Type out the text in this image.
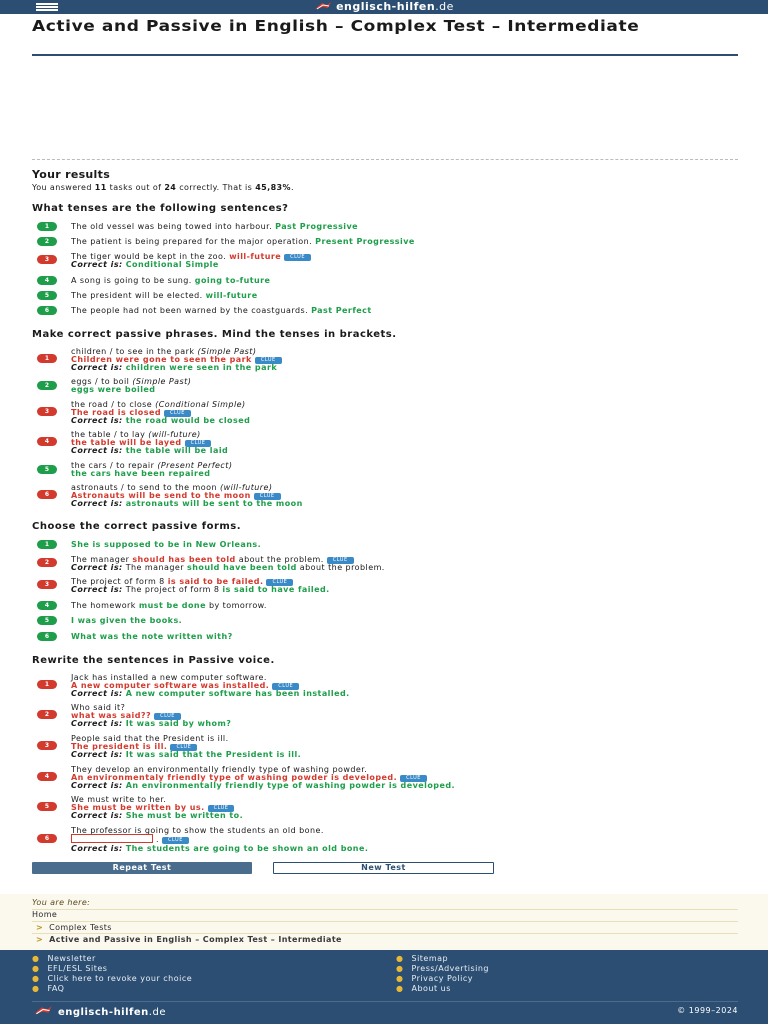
englisch-hilfen.de
Active and Passive in English – Complex Test – Intermediate
Your results
You answered 11 tasks out of 24 correctly. That is 45,83%.
What tenses are the following sentences?
1	The old vessel was being towed into harbour. Past Progressive
2	The patient is being prepared for the major operation. Present Progressive
3	The tiger would be kept in the zoo. will-future CLUE
Correct is: Conditional Simple
4	A song is going to be sung. going to-future
5	The president will be elected. will-future
6	The people had not been warned by the coastguards. Past Perfect
Make correct passive phrases. Mind the tenses in brackets.
1
children / to see in the park (Simple Past)
Children were gone to seen the park CLUE
Correct is: children were seen in the park
2	eggs / to boil (Simple Past)
eggs were boiled
3
the road / to close (Conditional Simple)
The road is closed CLUE
Correct is: the road would be closed
4
the table / to lay (will-future)
the table will be layed CLUE
Correct is: the table will be laid
5	the cars / to repair (Present Perfect)
the cars have been repaired
6
astronauts / to send to the moon (will-future)
Astronauts will be send to the moon CLUE
Correct is: astronauts will be sent to the moon
Choose the correct passive forms.
1	She is supposed to be in New Orleans.
2	The manager should has been told about the problem. CLUE
Correct is: The manager should have been told about the problem.
3	The project of form 8 is said to be failed. CLUE
Correct is: The project of form 8 is said to have failed.
4	The homework must be done by tomorrow.
5	I was given the books.
6	What was the note written with?
Rewrite the sentences in Passive voice.
1
Jack has installed a new computer software.
A new computer software was installed. CLUE
Correct is: A new computer software has been installed.
2
Who said it?
what was said?? CLUE
Correct is: It was said by whom?
3
People said that the President is ill.
The president is ill. CLUE
Correct is: It was said that the President is ill.
4
They develop an environmentally friendly type of washing powder.
An environmentaly friendly type of washing powder is developed. CLUE
Correct is: An environmentally friendly type of washing powder is developed.
5
We must write to her.
She must be written by us. CLUE
Correct is: She must be written to.
6
The professor is going to show the students an old bone.
. CLUE
Correct is: The students are going to be shown an old bone.
Repeat Test	New Test
You are here:
Home
> Complex Tests
> Active and Passive in English – Complex Test – Intermediate
● Newsletter
● EFL/ESL Sites
● Click here to revoke your choice
● FAQ
● Sitemap
● Press/Advertising
● Privacy Policy
● About us
englisch-hilfen.de	© 1999–2024
